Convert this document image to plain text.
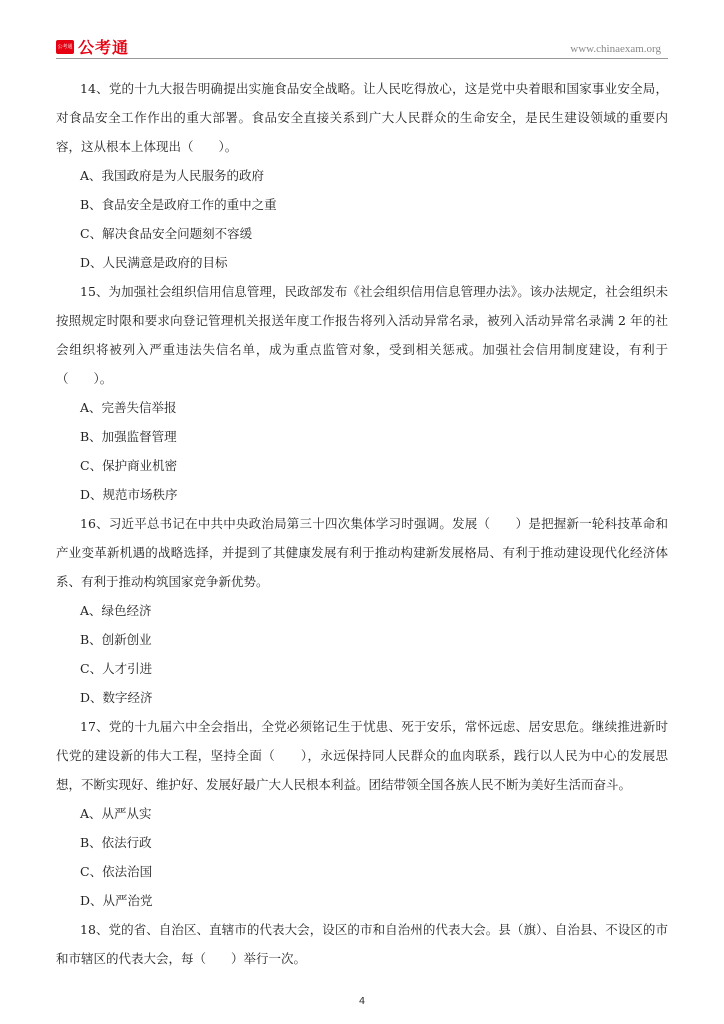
公考通 公考通	www.chinaexam.org

14、党的十九大报告明确提出实施食品安全战略。让人民吃得放心，这是党中央着眼和国家事业安全局，对食品安全工作作出的重大部署。食品安全直接关系到广大人民群众的生命安全，是民生建设领域的重要内容，这从根本上体现出（　　）。

A、我国政府是为人民服务的政府

B、食品安全是政府工作的重中之重

C、解决食品安全问题刻不容缓

D、人民满意是政府的目标

15、为加强社会组织信用信息管理，民政部发布《社会组织信用信息管理办法》。该办法规定，社会组织未按照规定时限和要求向登记管理机关报送年度工作报告将列入活动异常名录，被列入活动异常名录满 2 年的社会组织将被列入严重违法失信名单，成为重点监管对象，受到相关惩戒。加强社会信用制度建设，有利于（　　）。

A、完善失信举报

B、加强监督管理

C、保护商业机密

D、规范市场秩序

16、习近平总书记在中共中央政治局第三十四次集体学习时强调。发展（　　）是把握新一轮科技革命和产业变革新机遇的战略选择，并提到了其健康发展有利于推动构建新发展格局、有利于推动建设现代化经济体系、有利于推动构筑国家竞争新优势。

A、绿色经济

B、创新创业

C、人才引进

D、数字经济

17、党的十九届六中全会指出，全党必须铭记生于忧患、死于安乐，常怀远虑、居安思危。继续推进新时代党的建设新的伟大工程，坚持全面（　　），永远保持同人民群众的血肉联系，践行以人民为中心的发展思想，不断实现好、维护好、发展好最广大人民根本利益。团结带领全国各族人民不断为美好生活而奋斗。

A、从严从实

B、依法行政

C、依法治国

D、从严治党

18、党的省、自治区、直辖市的代表大会，设区的市和自治州的代表大会。县（旗）、自治县、不设区的市和市辖区的代表大会，每（　　）举行一次。

4
